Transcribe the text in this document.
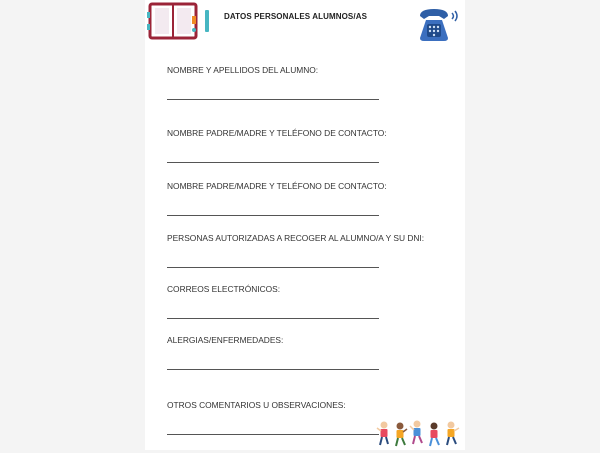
DATOS PERSONALES ALUMNOS/AS
NOMBRE Y APELLIDOS DEL ALUMNO:
NOMBRE PADRE/MADRE Y TELÉFONO DE CONTACTO:
NOMBRE PADRE/MADRE Y TELÉFONO DE CONTACTO:
PERSONAS AUTORIZADAS A RECOGER AL ALUMNO/A Y SU DNI:
CORREOS ELECTRÓNICOS:
ALERGIAS/ENFERMEDADES:
OTROS COMENTARIOS U OBSERVACIONES:
